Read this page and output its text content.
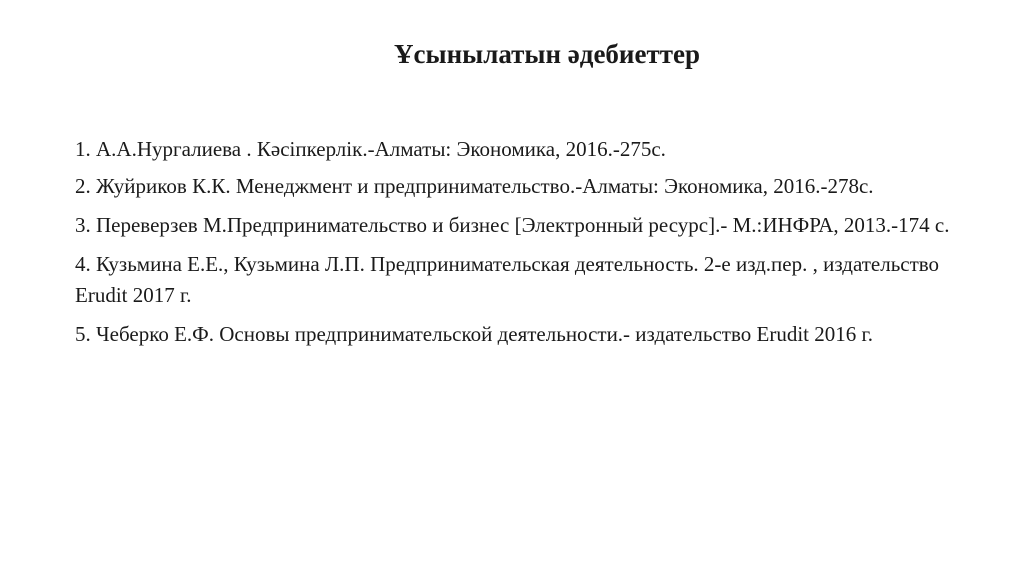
Ұсынылатын әдебиеттер
1. А.А.Нургалиева . Кәсіпкерлік.-Алматы: Экономика, 2016.-275с.
2. Жуйриков К.К. Менеджмент и предпринимательство.-Алматы: Экономика, 2016.-278с.
3. Переверзев М.Предпринимательство и бизнес [Электронный ресурс].- М.:ИНФРА, 2013.-174 с.
4. Кузьмина Е.Е., Кузьмина Л.П. Предпринимательская деятельность. 2-е изд.пер. , издательство Erudit 2017 г.
5. Чеберко Е.Ф. Основы предпринимательской деятельности.- издательство Erudit 2016 г.
